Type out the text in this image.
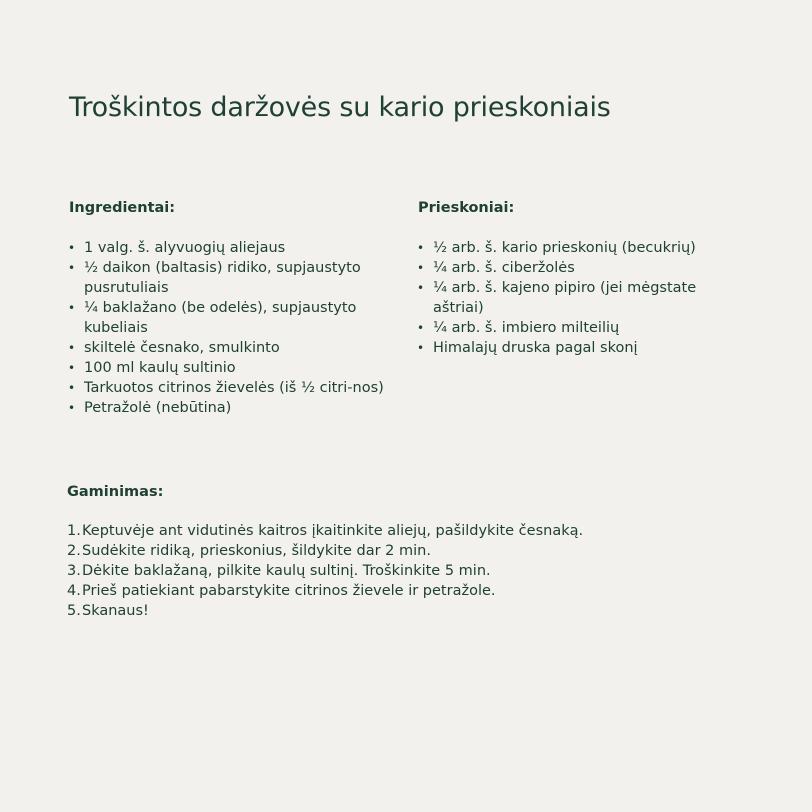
Troškintos daržovės su kario prieskoniais
Ingredientai:
• 1 valg. š. alyvuogių aliejaus
• ½ daikon (baltasis) ridiko, supjaustyto pusrutuliais
• ¼ baklažano (be odelės), supjaustyto kubeliais
• skiltelė česnako, smulkinto
• 100 ml kaulų sultinio
• Tarkuotos citrinos žievelės (iš ½ citri-nos)
• Petražolė (nebūtina)
Prieskoniai:
• ½ arb. š. kario prieskonių (becukrių)
• ¼ arb. š. ciberžolės
• ¼ arb. š. kajeno pipiro (jei mėgstate aštriai)
• ¼ arb. š. imbiero milteilių
• Himalajų druska pagal skonį
Gaminimas:
1. Keptuvėje ant vidutinės kaitros įkaitinkite aliejų, pašildykite česnaką.
2. Sudėkite ridiką, prieskonius, šildykite dar 2 min.
3. Dėkite baklažaną, pilkite kaulų sultinį. Troškinkite 5 min.
4. Prieš patiekiant pabarstykite citrinos žievele ir petražole.
5. Skanaus!
